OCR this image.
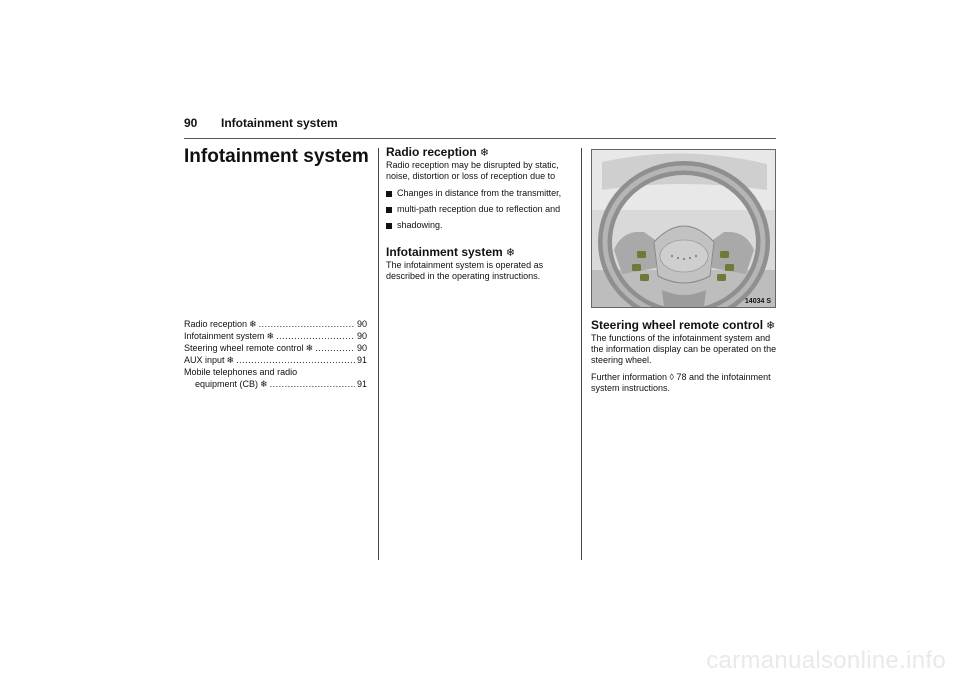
90 Infotainment system
Infotainment system
Radio reception ❄ .....	90
Infotainment system ❄ .....	90
Steering wheel remote control ❄ .....	90
AUX input ❄ .....	91
Mobile telephones and radio
equipment (CB) ❄ .....	91
Radio reception ❄

Radio reception may be disrupted by static, noise, distortion or loss of reception due to

Changes in distance from the transmitter,
multi-path reception due to reflection and
shadowing.
Infotainment system ❄

The infotainment system is operated as described in the operating instructions.

14034 S
Steering wheel remote control ❄

The functions of the infotainment system and the information display can be operated on the steering wheel.

Further information ◊ 78 and the infotainment system instructions.

carmanualsonline.info
